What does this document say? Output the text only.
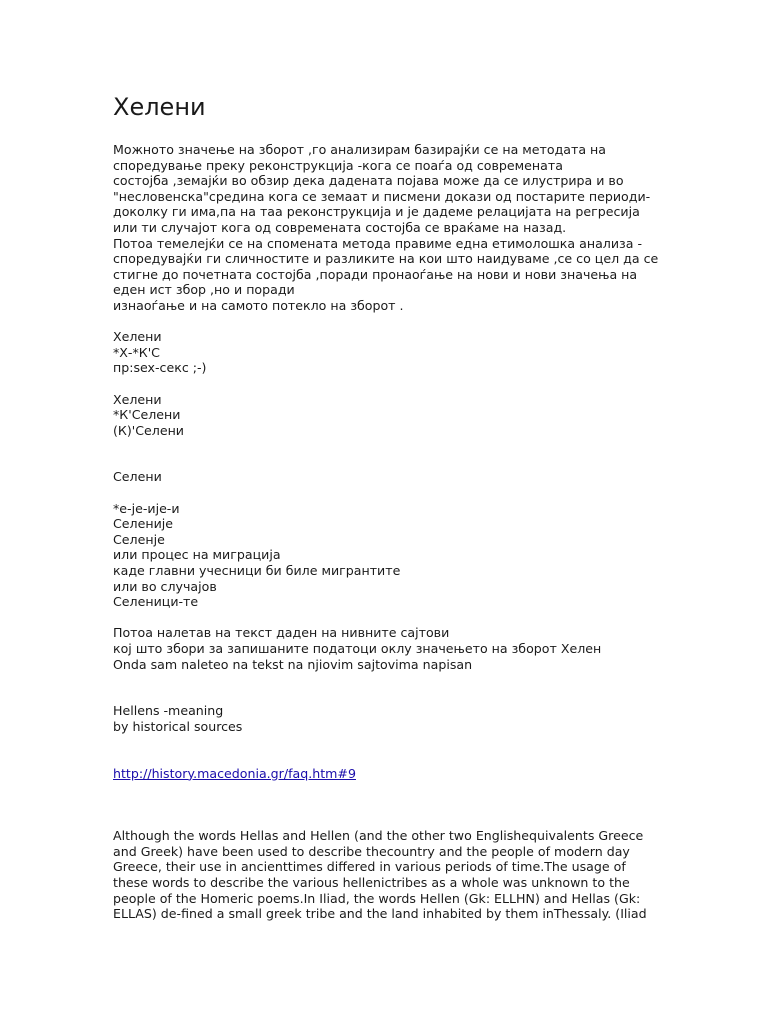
Хелени

Можното значење на зборот ,го анализирам базирајќи се на методата на

споредување преку реконструкција -кога се поаѓа од современата

состојба ,земајќи во обзир дека дадената појава може да се илустрира и во

"несловенска"средина кога се земаат и писмени докази од постарите периоди-

доколку ги има,па на таа реконструкција и је дадеме релацијата на регресија

или ти случајот кога од современата состојба се враќаме на назад.

Потоа темелејќи се на спомената метода правиме една етимолошка анализа -

споредувајќи ги сличностите и разликите на кои што наидуваме ,се со цел да се

стигне до почетната состојба ,поради пронаоѓање на нови и нови значења на

еден ист збор ,но и поради

изнаоѓање и на самото потекло на зборот .

Хелени

*Х-*К'С

пр:sex-секс ;-)

Хелени

*К'Селени

(К)'Селени

Селени

*е-је-ије-и

Селеније

Селенје

или процес на миграција

каде главни учесници би биле мигрантите

или во случајов

Селеници-те

Потоа налетав на текст даден на нивните сајтови

кој што збори за запишаните податоци оклу значењето на зборот Хелен

Onda sam naleteo na tekst na njiovim sajtovima napisan

Hellens -meaning

by historical sources

http://history.macedonia.gr/faq.htm#9

Although the words Hellas and Hellen (and the other two Englishequivalents Greece

and Greek) have been used to describe thecountry and the people of modern day

Greece, their use in ancienttimes differed in various periods of time.The usage of

these words to describe the various hellenictribes as a whole was unknown to the

people of the Homeric poems.In Iliad, the words Hellen (Gk: ELLHN) and Hellas (Gk:

ELLAS) de-fined a small greek tribe and the land inhabited by them inThessaly. (Iliad
